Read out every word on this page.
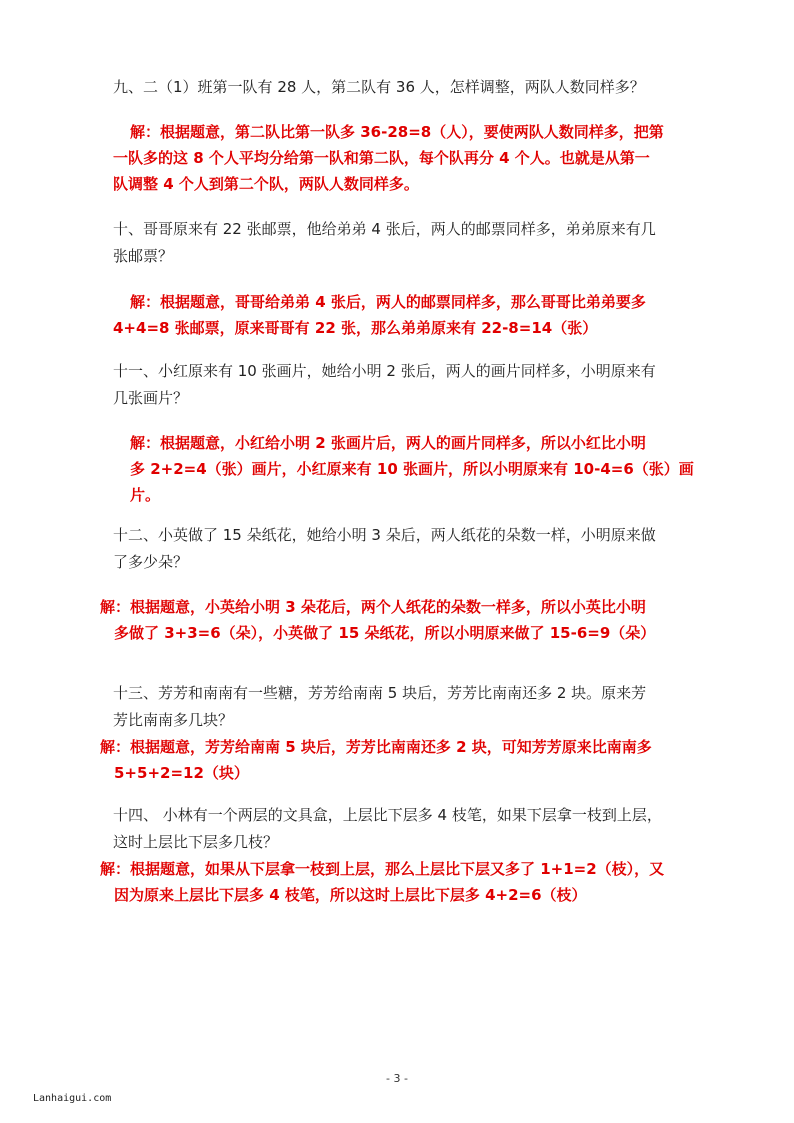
九、二（1）班第一队有 28 人，第二队有 36 人，怎样调整，两队人数同样多？
解：根据题意，第二队比第一队多 36-28=8（人），要使两队人数同样多，把第
一队多的这 8 个人平均分给第一队和第二队，每个队再分 4 个人。也就是从第一
队调整 4 个人到第二个队，两队人数同样多。
十、哥哥原来有 22 张邮票，他给弟弟 4 张后，两人的邮票同样多，弟弟原来有几
张邮票？
解：根据题意，哥哥给弟弟 4 张后，两人的邮票同样多，那么哥哥比弟弟要多
4+4=8 张邮票，原来哥哥有 22 张，那么弟弟原来有 22-8=14（张）
十一、小红原来有 10 张画片，她给小明 2 张后，两人的画片同样多，小明原来有
几张画片？
解：根据题意，小红给小明 2 张画片后，两人的画片同样多，所以小红比小明
多 2+2=4（张）画片，小红原来有 10 张画片，所以小明原来有 10-4=6（张）画
片。
十二、小英做了 15 朵纸花，她给小明 3 朵后，两人纸花的朵数一样，小明原来做
了多少朵？
解：根据题意，小英给小明 3 朵花后，两个人纸花的朵数一样多，所以小英比小明
多做了 3+3=6（朵），小英做了 15 朵纸花，所以小明原来做了 15-6=9（朵）
十三、芳芳和南南有一些糖，芳芳给南南 5 块后，芳芳比南南还多 2 块。原来芳
芳比南南多几块？
解：根据题意，芳芳给南南 5 块后，芳芳比南南还多 2 块，可知芳芳原来比南南多
5+5+2=12（块）
十四、 小林有一个两层的文具盒，上层比下层多 4 枝笔，如果下层拿一枝到上层，
这时上层比下层多几枝？
解：根据题意，如果从下层拿一枝到上层，那么上层比下层又多了 1+1=2（枝），又
因为原来上层比下层多 4 枝笔，所以这时上层比下层多 4+2=6（枝）
- 3 -
Lanhaigui.com
